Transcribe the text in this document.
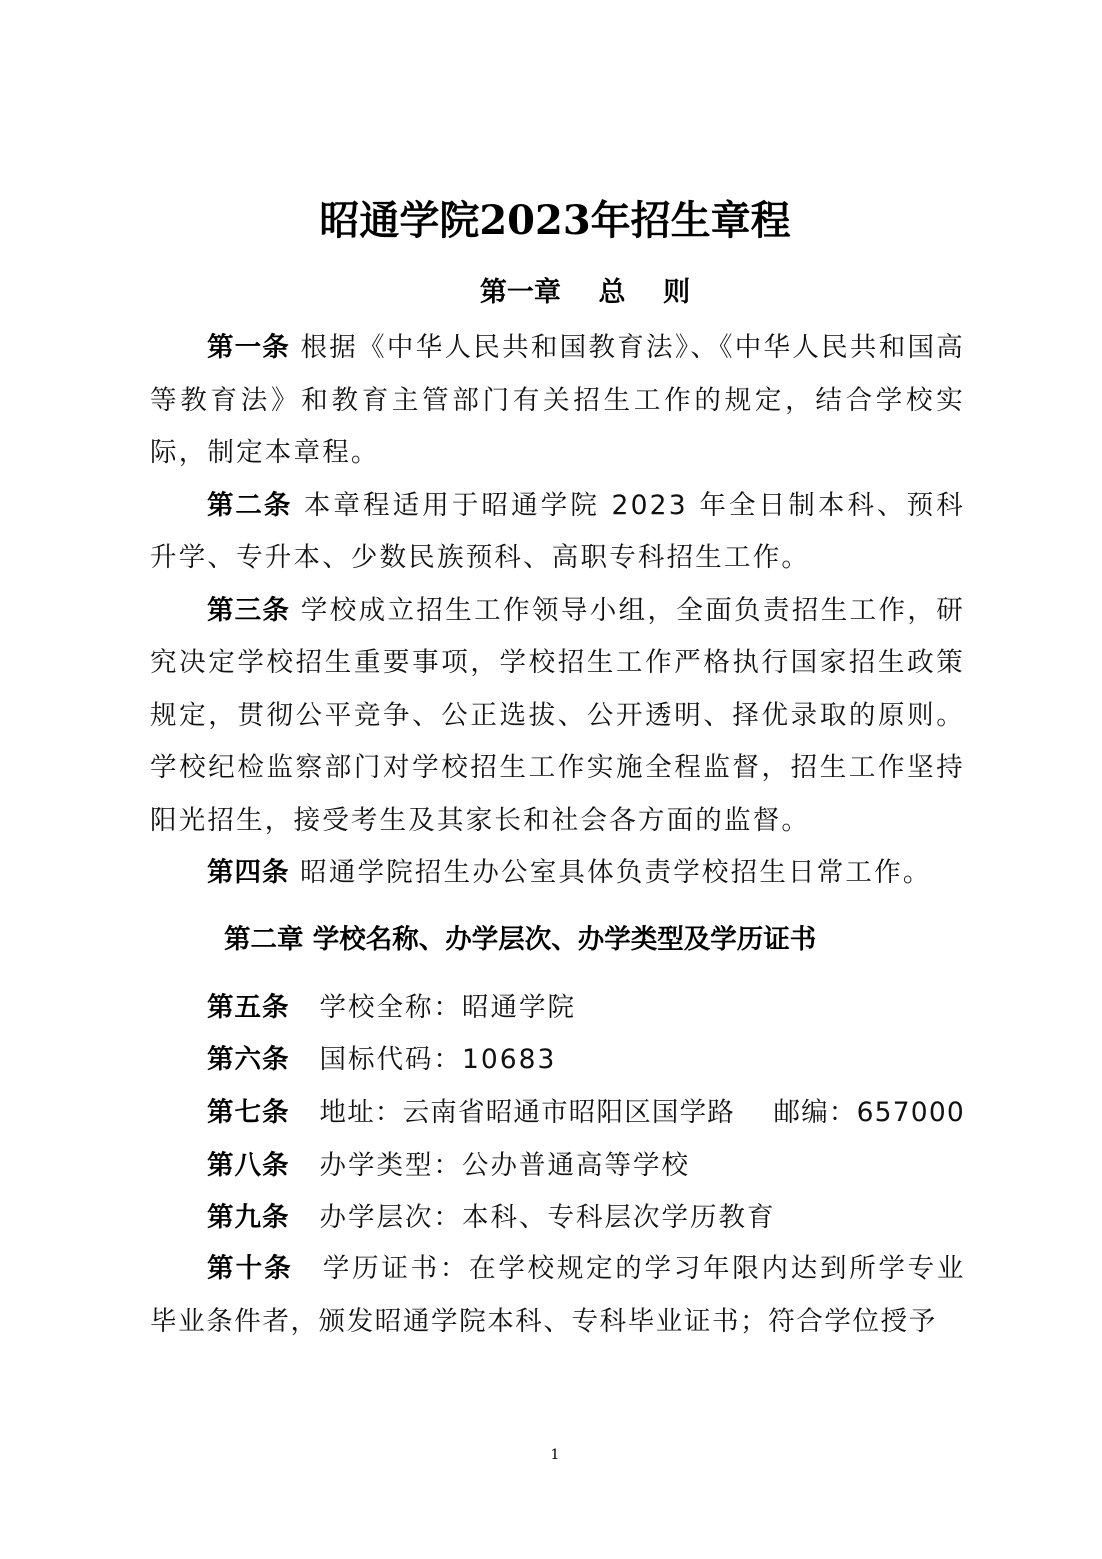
昭通学院2023年招生章程
第一章    总    则

第一条 根据《中华人民共和国教育法》、《中华人民共和国高等教育法》和教育主管部门有关招生工作的规定，结合学校实际，制定本章程。

第二条 本章程适用于昭通学院 2023 年全日制本科、预科升学、专升本、少数民族预科、高职专科招生工作。

第三条 学校成立招生工作领导小组，全面负责招生工作，研究决定学校招生重要事项，学校招生工作严格执行国家招生政策规定，贯彻公平竞争、公正选拔、公开透明、择优录取的原则。学校纪检监察部门对学校招生工作实施全程监督，招生工作坚持阳光招生，接受考生及其家长和社会各方面的监督。

第四条 昭通学院招生办公室具体负责学校招生日常工作。

第二章 学校名称、办学层次、办学类型及学历证书
第五条 学校全称：昭通学院
第六条 国标代码：10683
第七条 地址：云南省昭通市昭阳区国学路    邮编：657000
第八条 办学类型：公办普通高等学校
第九条 办学层次：本科、专科层次学历教育

第十条 学历证书：在学校规定的学习年限内达到所学专业毕业条件者，颁发昭通学院本科、专科毕业证书；符合学位授予

1
